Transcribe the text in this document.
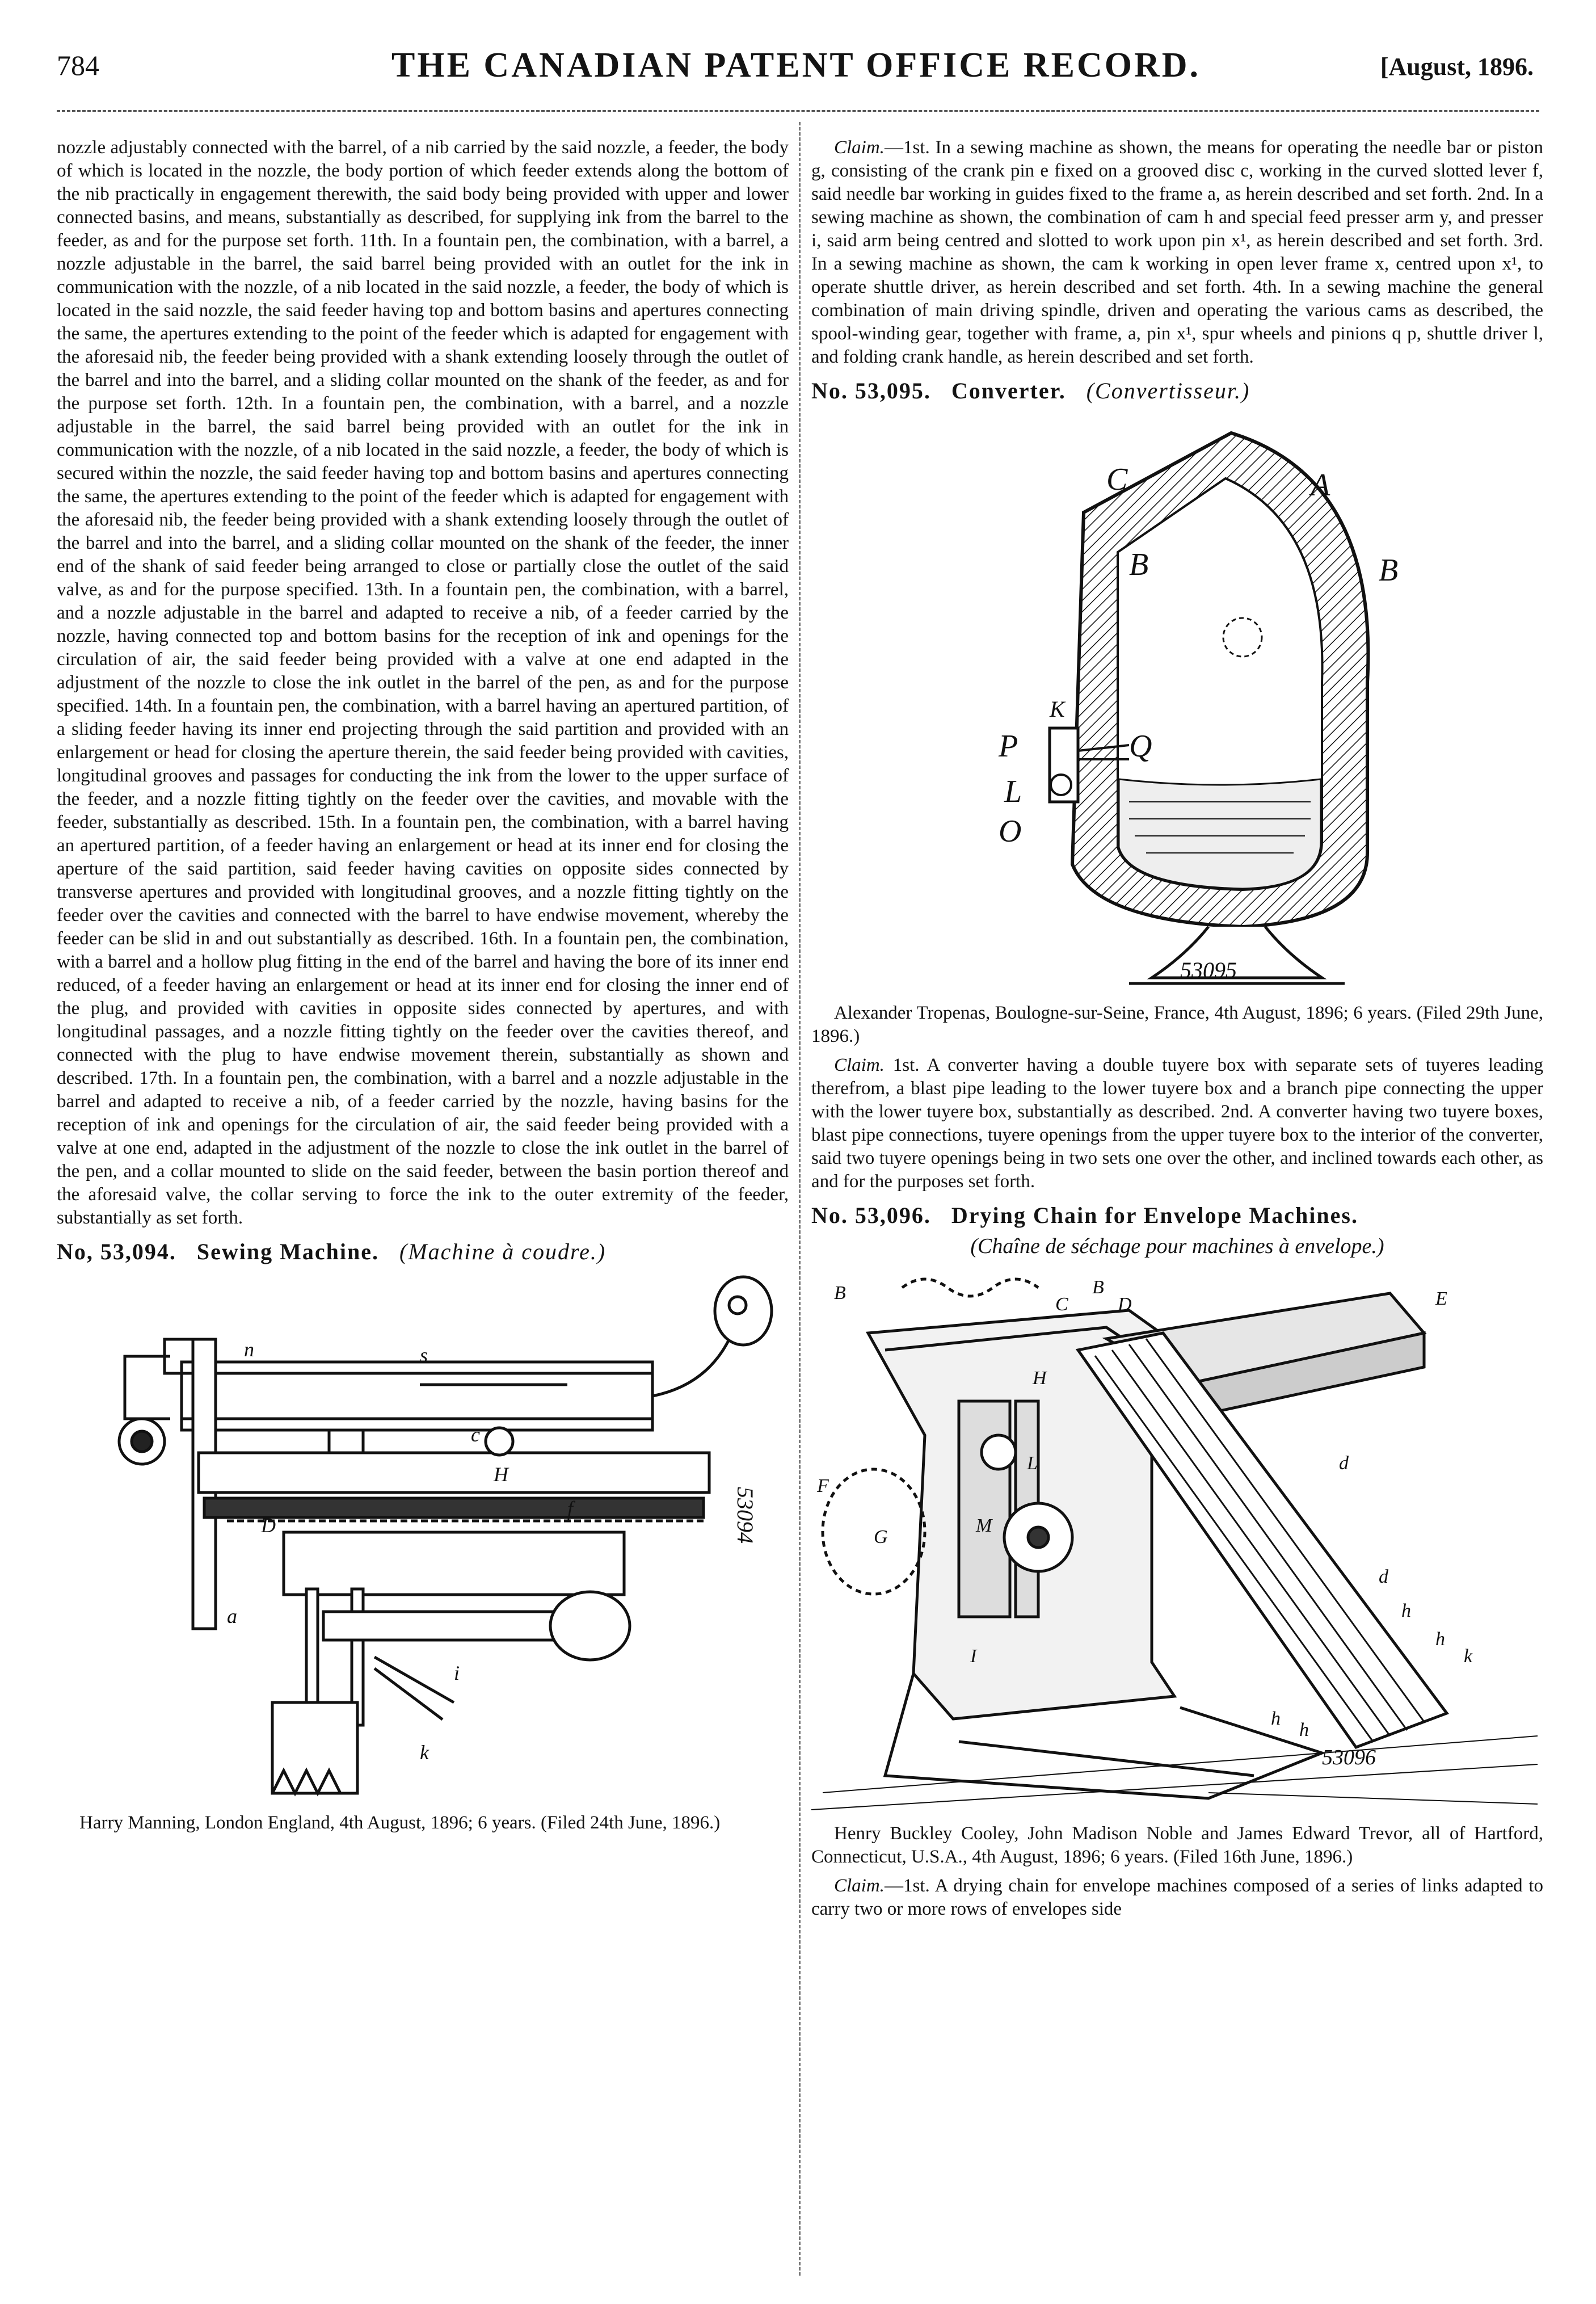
784	THE CANADIAN PATENT OFFICE RECORD.	[August, 1896.

nozzle adjustably connected with the barrel, of a nib carried by the said nozzle, a feeder, the body of which is located in the nozzle, the body portion of which feeder extends along the bottom of the nib practically in engagement therewith, the said body being provided with upper and lower connected basins, and means, substantially as described, for supplying ink from the barrel to the feeder, as and for the purpose set forth. 11th. In a fountain pen, the combination, with a barrel, a nozzle adjustable in the barrel, the said barrel being provided with an outlet for the ink in communication with the nozzle, of a nib located in the said nozzle, a feeder, the body of which is located in the said nozzle, the said feeder having top and bottom basins and apertures connecting the same, the apertures extending to the point of the feeder which is adapted for engagement with the aforesaid nib, the feeder being provided with a shank extending loosely through the outlet of the barrel and into the barrel, and a sliding collar mounted on the shank of the feeder, as and for the purpose set forth. 12th. In a fountain pen, the combination, with a barrel, and a nozzle adjustable in the barrel, the said barrel being provided with an outlet for the ink in communication with the nozzle, of a nib located in the said nozzle, a feeder, the body of which is secured within the nozzle, the said feeder having top and bottom basins and apertures connecting the same, the apertures extending to the point of the feeder which is adapted for engagement with the aforesaid nib, the feeder being provided with a shank extending loosely through the outlet of the barrel and into the barrel, and a sliding collar mounted on the shank of the feeder, the inner end of the shank of said feeder being arranged to close or partially close the outlet of the said valve, as and for the purpose specified. 13th. In a fountain pen, the combination, with a barrel, and a nozzle adjustable in the barrel and adapted to receive a nib, of a feeder carried by the nozzle, having connected top and bottom basins for the reception of ink and openings for the circulation of air, the said feeder being provided with a valve at one end adapted in the adjustment of the nozzle to close the ink outlet in the barrel of the pen, as and for the purpose specified. 14th. In a fountain pen, the combination, with a barrel having an apertured partition, of a sliding feeder having its inner end projecting through the said partition and provided with an enlargement or head for closing the aperture therein, the said feeder being provided with cavities, longitudinal grooves and passages for conducting the ink from the lower to the upper surface of the feeder, and a nozzle fitting tightly on the feeder over the cavities, and movable with the feeder, substantially as described. 15th. In a fountain pen, the combination, with a barrel having an apertured partition, of a feeder having an enlargement or head at its inner end for closing the aperture of the said partition, said feeder having cavities on opposite sides connected by transverse apertures and provided with longitudinal grooves, and a nozzle fitting tightly on the feeder over the cavities and connected with the barrel to have endwise movement, whereby the feeder can be slid in and out substantially as described. 16th. In a fountain pen, the combination, with a barrel and a hollow plug fitting in the end of the barrel and having the bore of its inner end reduced, of a feeder having an enlargement or head at its inner end for closing the inner end of the plug, and provided with cavities in opposite sides connected by apertures, and with longitudinal passages, and a nozzle fitting tightly on the feeder over the cavities thereof, and connected with the plug to have endwise movement therein, substantially as shown and described. 17th. In a fountain pen, the combination, with a barrel and a nozzle adjustable in the barrel and adapted to receive a nib, of a feeder carried by the nozzle, having basins for the reception of ink and openings for the circulation of air, the said feeder being provided with a valve at one end, adapted in the adjustment of the nozzle to close the ink outlet in the barrel of the pen, and a collar mounted to slide on the said feeder, between the basin portion thereof and the aforesaid valve, the collar serving to force the ink to the outer extremity of the feeder, substantially as set forth.

No, 53,094. Sewing Machine. (Machine à coudre.)
n	s
H
D
f
i
a
k
c
53094

Harry Manning, London England, 4th August, 1896; 6 years. (Filed 24th June, 1896.)

Claim.—1st. In a sewing machine as shown, the means for operating the needle bar or piston g, consisting of the crank pin e fixed on a grooved disc c, working in the curved slotted lever f, said needle bar working in guides fixed to the frame a, as herein described and set forth. 2nd. In a sewing machine as shown, the combination of cam h and special feed presser arm y, and presser i, said arm being centred and slotted to work upon pin x¹, as herein described and set forth. 3rd. In a sewing machine as shown, the cam k working in open lever frame x, centred upon x¹, to operate shuttle driver, as herein described and set forth. 4th. In a sewing machine the general combination of main driving spindle, driven and operating the various cams as described, the spool-winding gear, together with frame, a, pin x¹, spur wheels and pinions q p, shuttle driver l, and folding crank handle, as herein described and set forth.

No. 53,095. Converter. (Convertisseur.)
C	A
B	B
K
P	Q
L
O
53095

Alexander Tropenas, Boulogne-sur-Seine, France, 4th August, 1896; 6 years. (Filed 29th June, 1896.)

Claim. 1st. A converter having a double tuyere box with separate sets of tuyeres leading therefrom, a blast pipe leading to the lower tuyere box and a branch pipe connecting the upper with the lower tuyere box, substantially as described. 2nd. A converter having two tuyere boxes, blast pipe connections, tuyere openings from the upper tuyere box to the interior of the converter, said two tuyere openings being in two sets one over the other, and inclined towards each other, as and for the purposes set forth.

No. 53,096. Drying Chain for Envelope Machines.
(Chaîne de séchage pour machines à envelope.)
B
C
B
D	E
F
H
L
M
G
d
d
h
h
k
h
h
I
53096

Henry Buckley Cooley, John Madison Noble and James Edward Trevor, all of Hartford, Connecticut, U.S.A., 4th August, 1896; 6 years. (Filed 16th June, 1896.)

Claim.—1st. A drying chain for envelope machines composed of a series of links adapted to carry two or more rows of envelopes side
